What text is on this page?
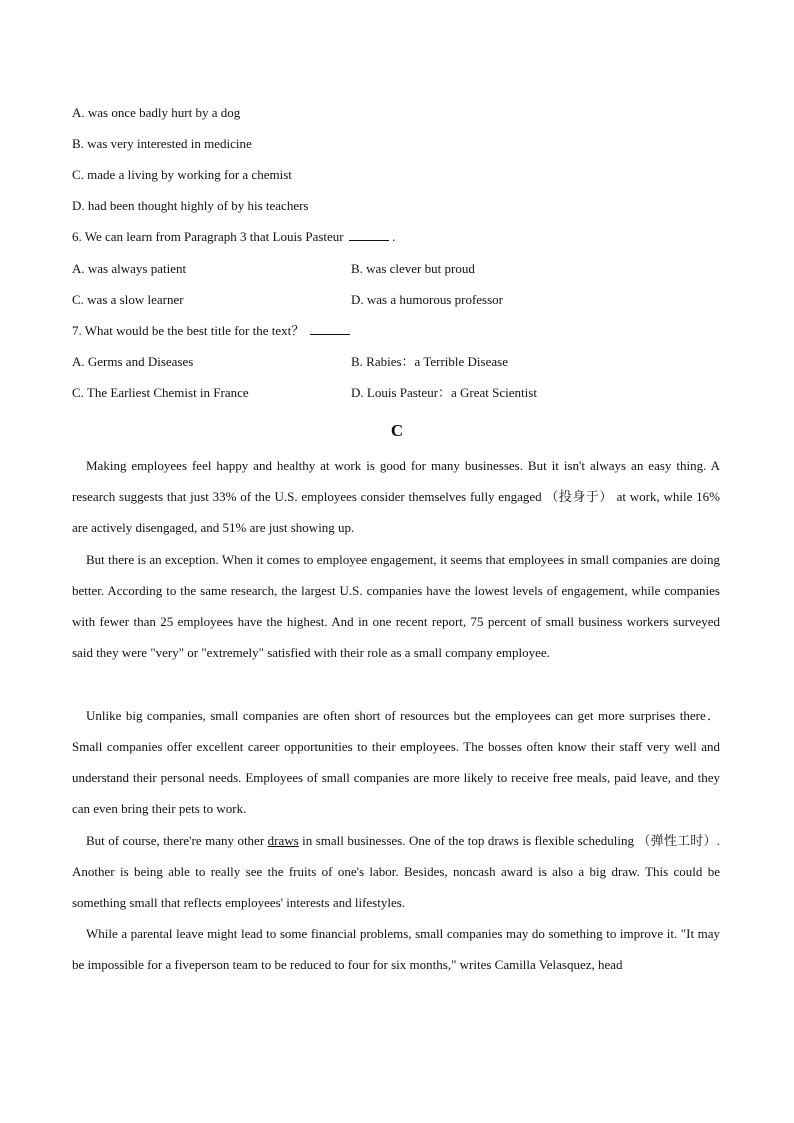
A. was once badly hurt by a dog
B. was very interested in medicine
C. made a living by working for a chemist
D. had been thought highly of by his teachers
6. We can learn from Paragraph 3 that Louis Pasteur	.
A. was always patient	B. was clever but proud
C. was a slow learner	D. was a humorous professor
7. What would be the best title for the text？
A. Germs and Diseases	B. Rabies：a Terrible Disease
C. The Earliest Chemist in France	D. Louis Pasteur：a Great Scientist
C
Making employees feel happy and healthy at work is good for many businesses. But it isn't always an easy thing. A research suggests that just 33% of the U.S. employees consider themselves fully engaged （投身于） at work, while 16% are actively disengaged, and 51% are just showing up.
But there is an exception. When it comes to employee engagement, it seems that employees in small companies are doing better. According to the same research, the largest U.S. companies have the lowest levels of engagement, while companies with fewer than 25 employees have the highest. And in one recent report, 75 percent of small business workers surveyed said they were "very" or "extremely" satisfied with their role as a small company employee.
Unlike big companies, small companies are often short of resources but the employees can get more surprises there． Small companies offer excellent career opportunities to their employees. The bosses often know their staff very well and understand their personal needs. Employees of small companies are more likely to receive free meals, paid leave, and they can even bring their pets to work.
But of course, there're many other draws in small businesses. One of the top draws is flexible scheduling （弹性工时）. Another is being able to really see the fruits of one's labor. Besides, noncash award is also a big draw. This could be something small that reflects employees' interests and lifestyles.
While a parental leave might lead to some financial problems, small companies may do something to improve it. "It may be impossible for a fiveperson team to be reduced to four for six months," writes Camilla Velasquez, head
